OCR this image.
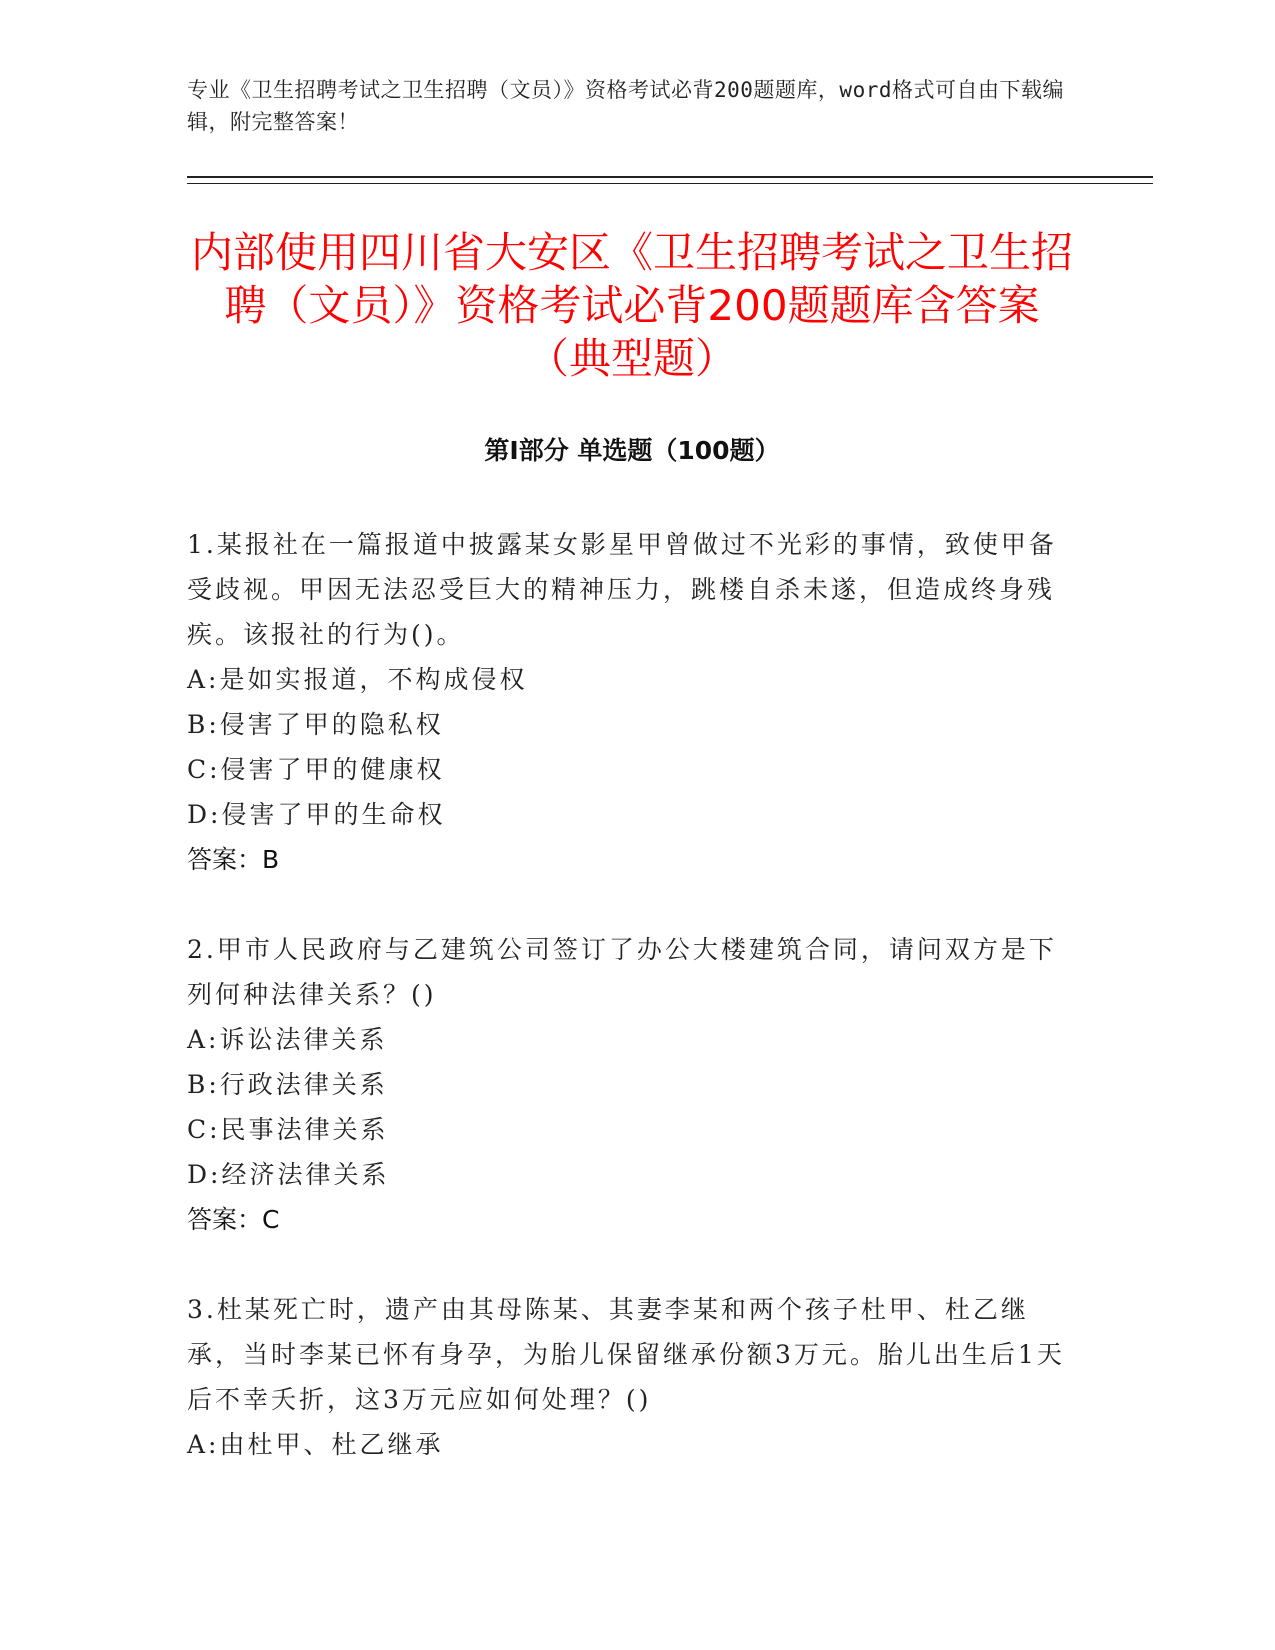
专业《卫生招聘考试之卫生招聘（文员）》资格考试必背200题题库，word格式可自由下载编辑，附完整答案！
内部使用四川省大安区《卫生招聘考试之卫生招聘（文员）》资格考试必背200题题库含答案（典型题）
第Ⅰ部分 单选题（100题）

1.某报社在一篇报道中披露某女影星甲曾做过不光彩的事情，致使甲备受歧视。甲因无法忍受巨大的精神压力，跳楼自杀未遂，但造成终身残疾。该报社的行为()。

A:是如实报道，不构成侵权

B:侵害了甲的隐私权

C:侵害了甲的健康权

D:侵害了甲的生命权

答案：B

2.甲市人民政府与乙建筑公司签订了办公大楼建筑合同，请问双方是下列何种法律关系？()

A:诉讼法律关系

B:行政法律关系

C:民事法律关系

D:经济法律关系

答案：C

3.杜某死亡时，遗产由其母陈某、其妻李某和两个孩子杜甲、杜乙继承，当时李某已怀有身孕，为胎儿保留继承份额3万元。胎儿出生后1天后不幸夭折，这3万元应如何处理？()

A:由杜甲、杜乙继承
